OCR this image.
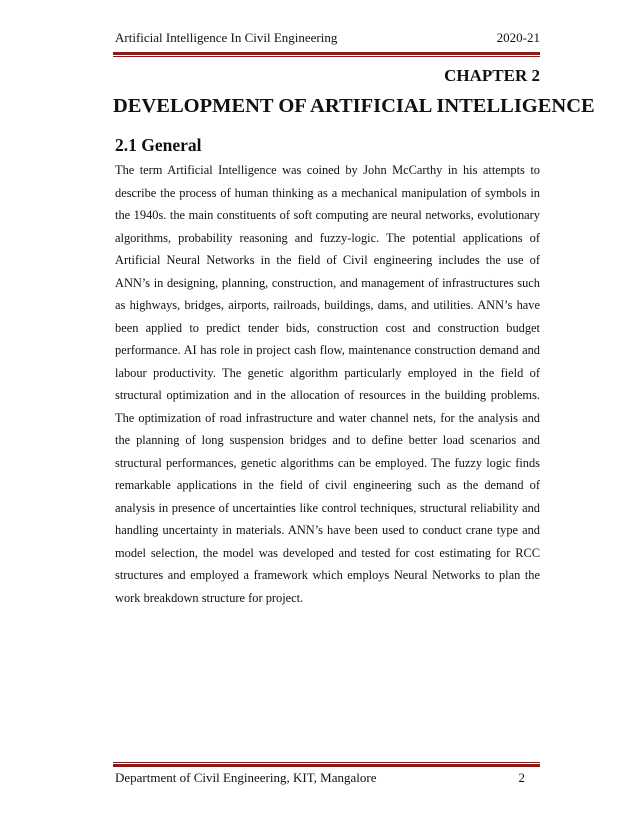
Artificial Intelligence In Civil Engineering	2020-21
CHAPTER 2
DEVELOPMENT OF ARTIFICIAL INTELLIGENCE
2.1 General
The term Artificial Intelligence was coined by John McCarthy in his attempts to describe the process of human thinking as a mechanical manipulation of symbols in the 1940s. the main constituents of soft computing are neural networks, evolutionary algorithms, probability reasoning and fuzzy-logic. The potential applications of Artificial Neural Networks in the field of Civil engineering includes the use of ANN’s in designing, planning, construction, and management of infrastructures such as highways, bridges, airports, railroads, buildings, dams, and utilities. ANN’s have been applied to predict tender bids, construction cost and construction budget performance. AI has role in project cash flow, maintenance construction demand and labour productivity. The genetic algorithm particularly employed in the field of structural optimization and in the allocation of resources in the building problems. The optimization of road infrastructure and water channel nets, for the analysis and the planning of long suspension bridges and to define better load scenarios and structural performances, genetic algorithms can be employed. The fuzzy logic finds remarkable applications in the field of civil engineering such as the demand of analysis in presence of uncertainties like control techniques, structural reliability and handling uncertainty in materials. ANN’s have been used to conduct crane type and model selection, the model was developed and tested for cost estimating for RCC structures and employed a framework which employs Neural Networks to plan the work breakdown structure for project.
Department of Civil Engineering, KIT, Mangalore	2
